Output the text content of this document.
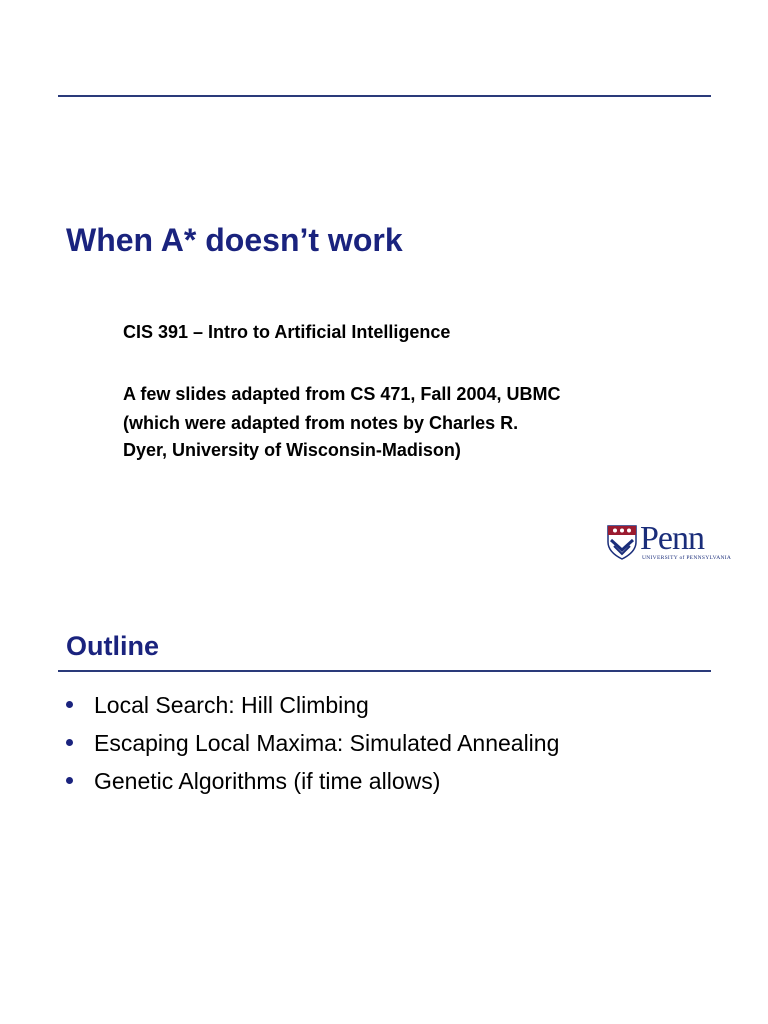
When A* doesn’t work

CIS 391 – Intro to Artificial Intelligence

A few slides adapted from CS 471, Fall 2004, UBMC

(which were adapted from notes by Charles R.

Dyer, University of Wisconsin-Madison)

Penn
UNIVERSITY of PENNSYLVANIA
Outline
Local Search: Hill Climbing
Escaping Local Maxima: Simulated Annealing
Genetic Algorithms (if time allows)
